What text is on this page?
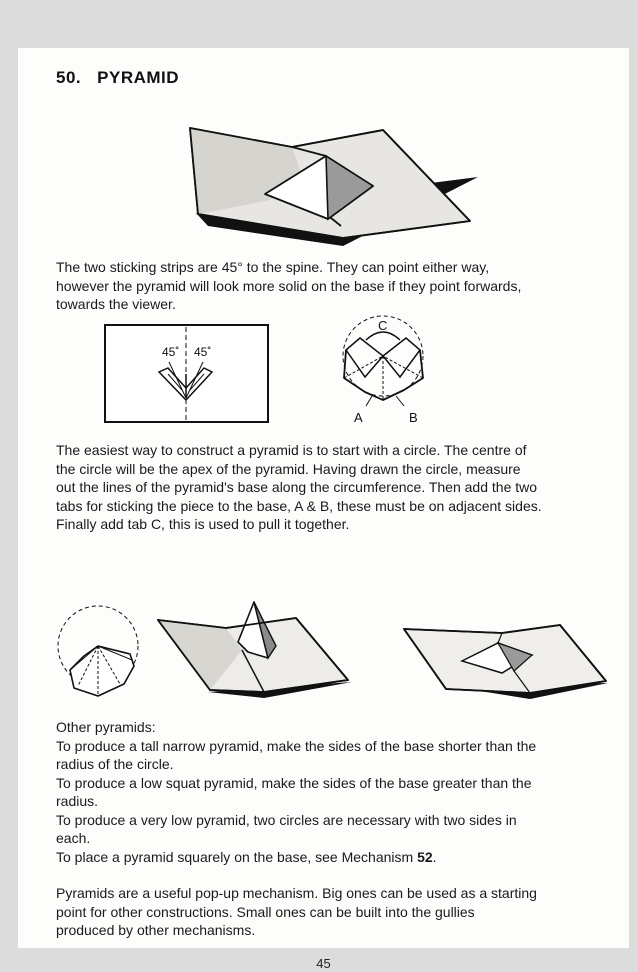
50. PYRAMID
The two sticking strips are 45° to the spine. They can point either way,
however the pyramid will look more solid on the base if they point forwards,
towards the viewer.
45˚ 45˚
C
A	B
The easiest way to construct a pyramid is to start with a circle. The centre of
the circle will be the apex of the pyramid. Having drawn the circle, measure
out the lines of the pyramid's base along the circumference. Then add the two
tabs for sticking the piece to the base, A & B, these must be on adjacent sides.
Finally add tab C, this is used to pull it together.
Other pyramids:
To produce a tall narrow pyramid, make the sides of the base shorter than the
radius of the circle.
To produce a low squat pyramid, make the sides of the base greater than the
radius.
To produce a very low pyramid, two circles are necessary with two sides in
each.
To place a pyramid squarely on the base, see Mechanism 52.
Pyramids are a useful pop-up mechanism. Big ones can be used as a starting
point for other constructions. Small ones can be built into the gullies
produced by other mechanisms.
45
